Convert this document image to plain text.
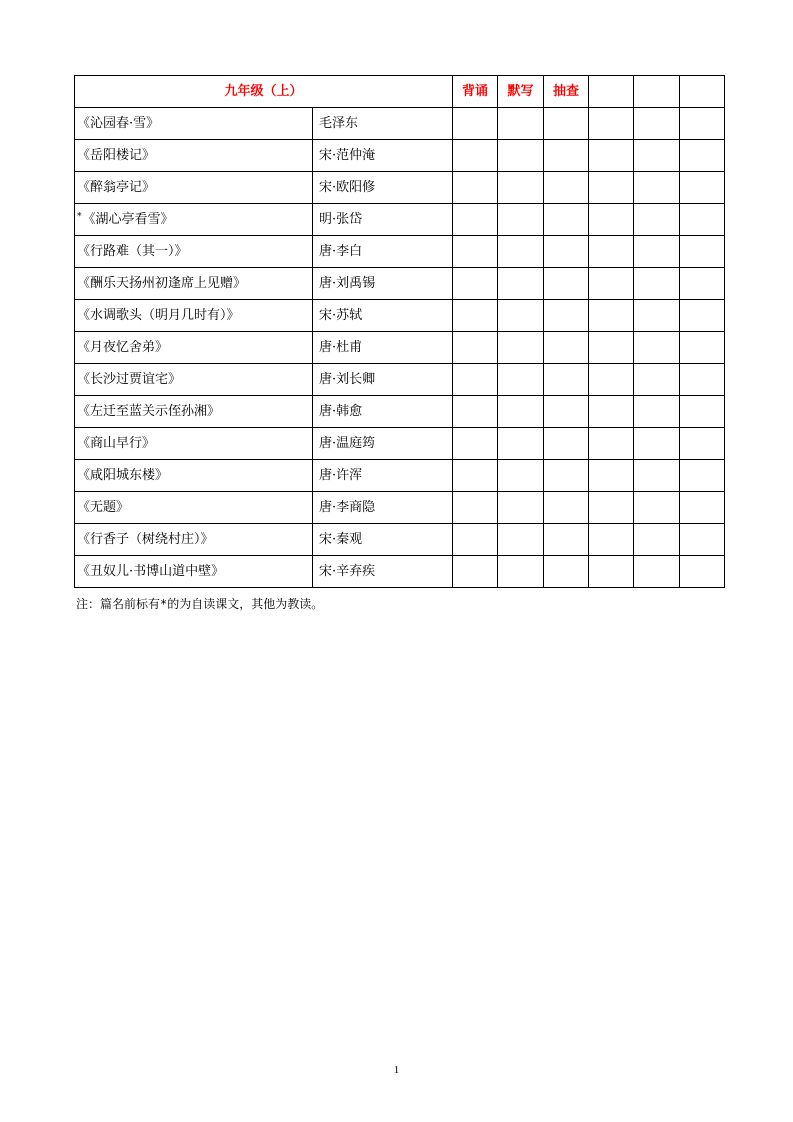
九年级（上）		背诵	默写	抽查			
《沁园春·雪》	毛泽东						
《岳阳楼记》	宋·范仲淹						
《醉翁亭记》	宋·欧阳修						
*《湖心亭看雪》	明·张岱						
《行路难（其一）》	唐·李白						
《酬乐天扬州初逢席上见赠》	唐·刘禹锡						
《水调歌头（明月几时有）》	宋·苏轼						
《月夜忆舍弟》	唐·杜甫						
《长沙过贾谊宅》	唐·刘长卿						
《左迁至蓝关示侄孙湘》	唐·韩愈						
《商山早行》	唐·温庭筠						
《咸阳城东楼》	唐·许浑						
《无题》	唐·李商隐						
《行香子（树绕村庄）》	宋·秦观						
《丑奴儿·书博山道中壁》	宋·辛弃疾						
注：篇名前标有*的为自读课文，其他为教读。
1
